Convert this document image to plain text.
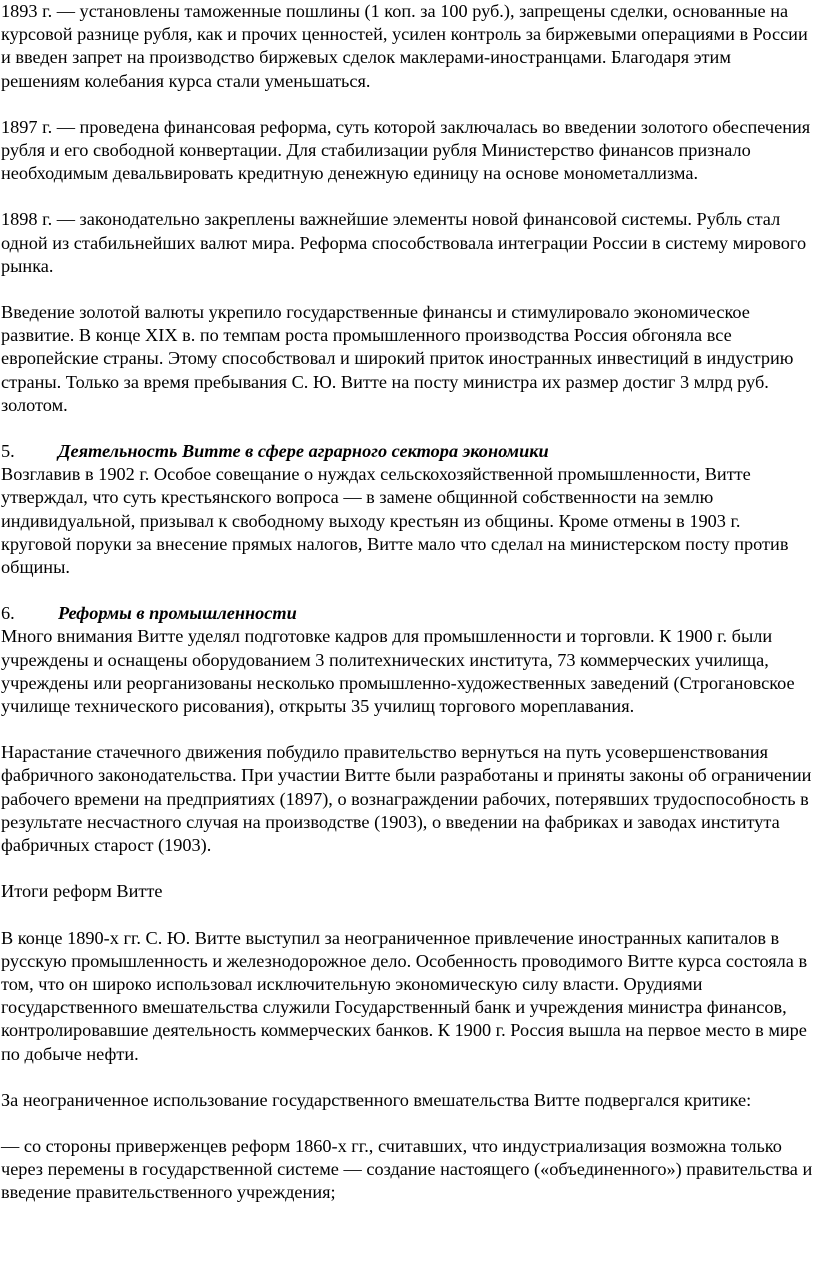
1893 г. — установлены таможенные пошлины (1 коп. за 100 руб.), запрещены сделки, основанные на курсовой разнице рубля, как и прочих ценностей, усилен контроль за биржевыми операциями в России и введен запрет на производство биржевых сделок маклерами-иностранцами. Благодаря этим решениям колебания курса стали уменьшаться.

1897 г. — проведена финансовая реформа, суть которой заключалась во введении золотого обеспечения рубля и его свободной конвертации. Для стабилизации рубля Министерство финансов признало необходимым девальвировать кредитную денежную единицу на основе монометаллизма.

1898 г. — законодательно закреплены важнейшие элементы новой финансовой системы. Рубль стал одной из стабильнейших валют мира. Реформа способствовала интеграции России в систему мирового рынка.

Введение золотой валюты укрепило государственные финансы и стимулировало экономическое развитие. В конце XIX в. по темпам роста промышленного производства Россия обгоняла все европейские страны. Этому способствовал и широкий приток иностранных инвестиций в индустрию страны. Только за время пребывания С. Ю. Витте на посту министра их размер достиг 3 млрд руб. золотом.

5.	Деятельность Витте в сфере аграрного сектора экономики

Возглавив в 1902 г. Особое совещание о нуждах сельскохозяйственной промышленности, Витте утверждал, что суть крестьянского вопроса — в замене общинной собственности на землю индивидуальной, призывал к свободному выходу крестьян из общины. Кроме отмены в 1903 г. круговой поруки за внесение прямых налогов, Витте мало что сделал на министерском посту против общины.

6.	Реформы в промышленности

Много внимания Витте уделял подготовке кадров для промышленности и торговли. К 1900 г. были учреждены и оснащены оборудованием 3 политехнических института, 73 коммерческих училища, учреждены или реорганизованы несколько промышленно-художественных заведений (Строгановское училище технического рисования), открыты 35 училищ торгового мореплавания.

Нарастание стачечного движения побудило правительство вернуться на путь усовершенствования фабричного законодательства. При участии Витте были разработаны и приняты законы об ограничении рабочего времени на предприятиях (1897), о вознаграждении рабочих, потерявших трудоспособность в результате несчастного случая на производстве (1903), о введении на фабриках и заводах института фабричных старост (1903).

Итоги реформ Витте

В конце 1890-х гг. С. Ю. Витте выступил за неограниченное привлечение иностранных капиталов в русскую промышленность и железнодорожное дело. Особенность проводимого Витте курса состояла в том, что он широко использовал исключительную экономическую силу власти. Орудиями государственного вмешательства служили Государственный банк и учреждения министра финансов, контролировавшие деятельность коммерческих банков. К 1900 г. Россия вышла на первое место в мире по добыче нефти.

За неограниченное использование государственного вмешательства Витте подвергался критике:

— со стороны приверженцев реформ 1860-х гг., считавших, что индустриализация возможна только через перемены в государственной системе — создание настоящего («объединенного») правительства и введение правительственного учреждения;
